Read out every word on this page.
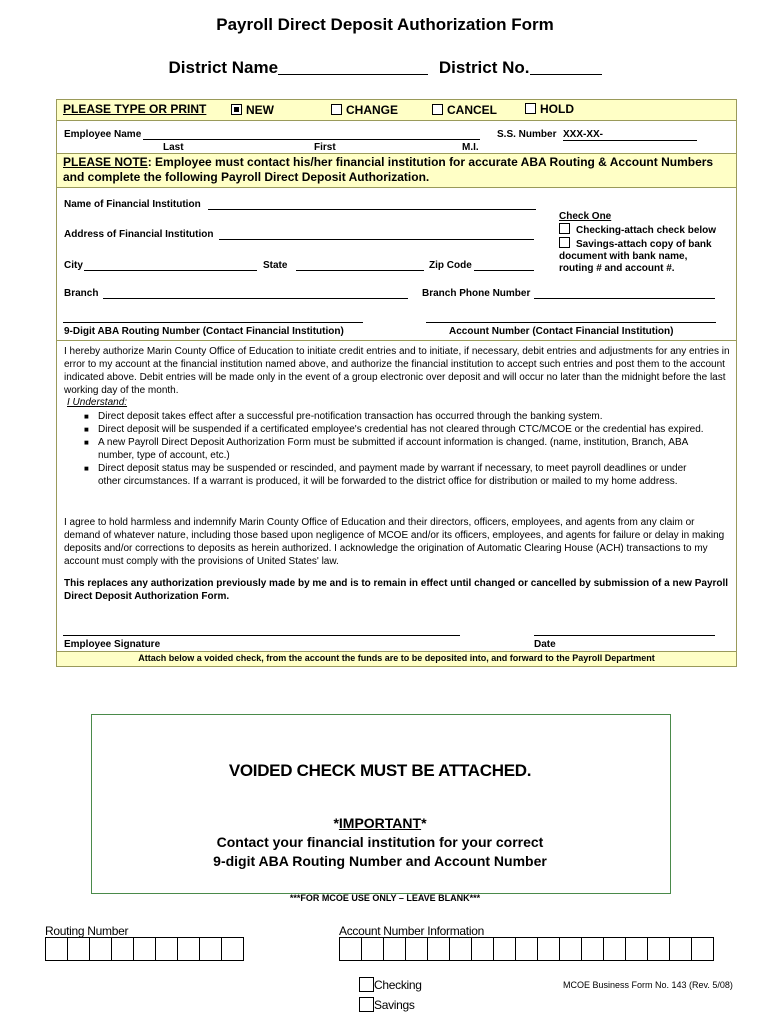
Payroll Direct Deposit Authorization Form
District Name	District No.
PLEASE TYPE OR PRINT	NEW	CHANGE	CANCEL	HOLD
Employee Name	S.S. Number XXX-XX-
Last	First	M.I.
PLEASE NOTE: Employee must contact his/her financial institution for accurate ABA Routing & Account Numbers and complete the following Payroll Direct Deposit Authorization.
Name of Financial Institution
Address of Financial Institution
City	State	Zip Code
Check One
Checking-attach check below
Savings-attach copy of bank
document with bank name,
routing # and account #.
Branch	Branch Phone Number
9-Digit ABA Routing Number (Contact Financial Institution)	Account Number (Contact Financial Institution)
I hereby authorize Marin County Office of Education to initiate credit entries and to initiate, if necessary, debit entries and adjustments for any entries in error to my account at the financial institution named above, and authorize the financial institution to accept such entries and post them to the account indicated above. Debit entries will be made only in the event of a group electronic over deposit and will occur no later than the midnight before the last working day of the month.
I Understand:
■ Direct deposit takes effect after a successful pre-notification transaction has occurred through the banking system.
■ Direct deposit will be suspended if a certificated employee's credential has not cleared through CTC/MCOE or the credential has expired.
■ A new Payroll Direct Deposit Authorization Form must be submitted if account information is changed. (name, institution, Branch, ABA number, type of account, etc.)
■ Direct deposit status may be suspended or rescinded, and payment made by warrant if necessary, to meet payroll deadlines or under other circumstances. If a warrant is produced, it will be forwarded to the district office for distribution or mailed to my home address.
I agree to hold harmless and indemnify Marin County Office of Education and their directors, officers, employees, and agents from any claim or demand of whatever nature, including those based upon negligence of MCOE and/or its officers, employees, and agents for failure or delay in making deposits and/or corrections to deposits as herein authorized. I acknowledge the origination of Automatic Clearing House (ACH) transactions to my account must comply with the provisions of United States' law.
This replaces any authorization previously made by me and is to remain in effect until changed or cancelled by submission of a new Payroll Direct Deposit Authorization Form.
Employee Signature	Date
Attach below a voided check, from the account the funds are to be deposited into, and forward to the Payroll Department
VOIDED CHECK MUST BE ATTACHED.
*IMPORTANT*
Contact your financial institution for your correct
9-digit ABA Routing Number and Account Number
***FOR MCOE USE ONLY – LEAVE BLANK***
Routing Number	Account Number Information
Checking
Savings
MCOE Business Form No. 143 (Rev. 5/08)
